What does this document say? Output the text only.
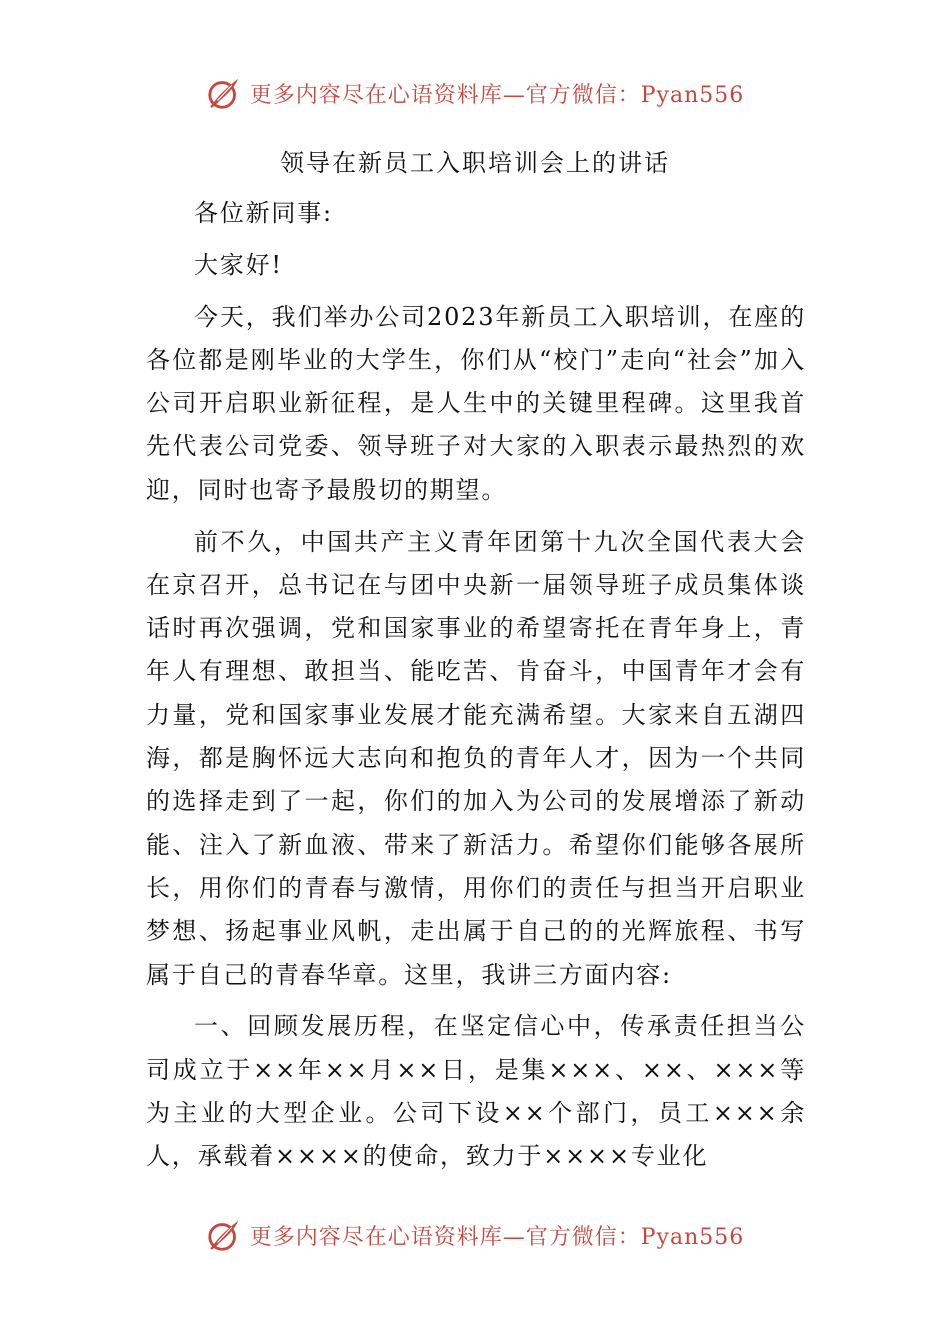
更多内容尽在心语资料库—官方微信：Pyan556
领导在新员工入职培训会上的讲话

各位新同事:

大家好!

今天，我们举办公司2023年新员工入职培训，在座的各位都是刚毕业的大学生，你们从“校门”走向“社会”加入公司开启职业新征程，是人生中的关键里程碑。这里我首先代表公司党委、领导班子对大家的入职表示最热烈的欢迎，同时也寄予最殷切的期望。

前不久，中国共产主义青年团第十九次全国代表大会在京召开，总书记在与团中央新一届领导班子成员集体谈话时再次强调，党和国家事业的希望寄托在青年身上，青年人有理想、敢担当、能吃苦、肯奋斗，中国青年才会有力量，党和国家事业发展才能充满希望。大家来自五湖四海，都是胸怀远大志向和抱负的青年人才，因为一个共同的选择走到了一起，你们的加入为公司的发展增添了新动能、注入了新血液、带来了新活力。希望你们能够各展所长，用你们的青春与激情，用你们的责任与担当开启职业梦想、扬起事业风帆，走出属于自己的的光辉旅程、书写属于自己的青春华章。这里，我讲三方面内容:

一、回顾发展历程，在坚定信心中，传承责任担当公司成立于××年××月××日，是集×××、××、×××等为主业的大型企业。公司下设××个部门，员工×××余人，承载着××××的使命，致力于××××专业化

更多内容尽在心语资料库—官方微信：Pyan556
